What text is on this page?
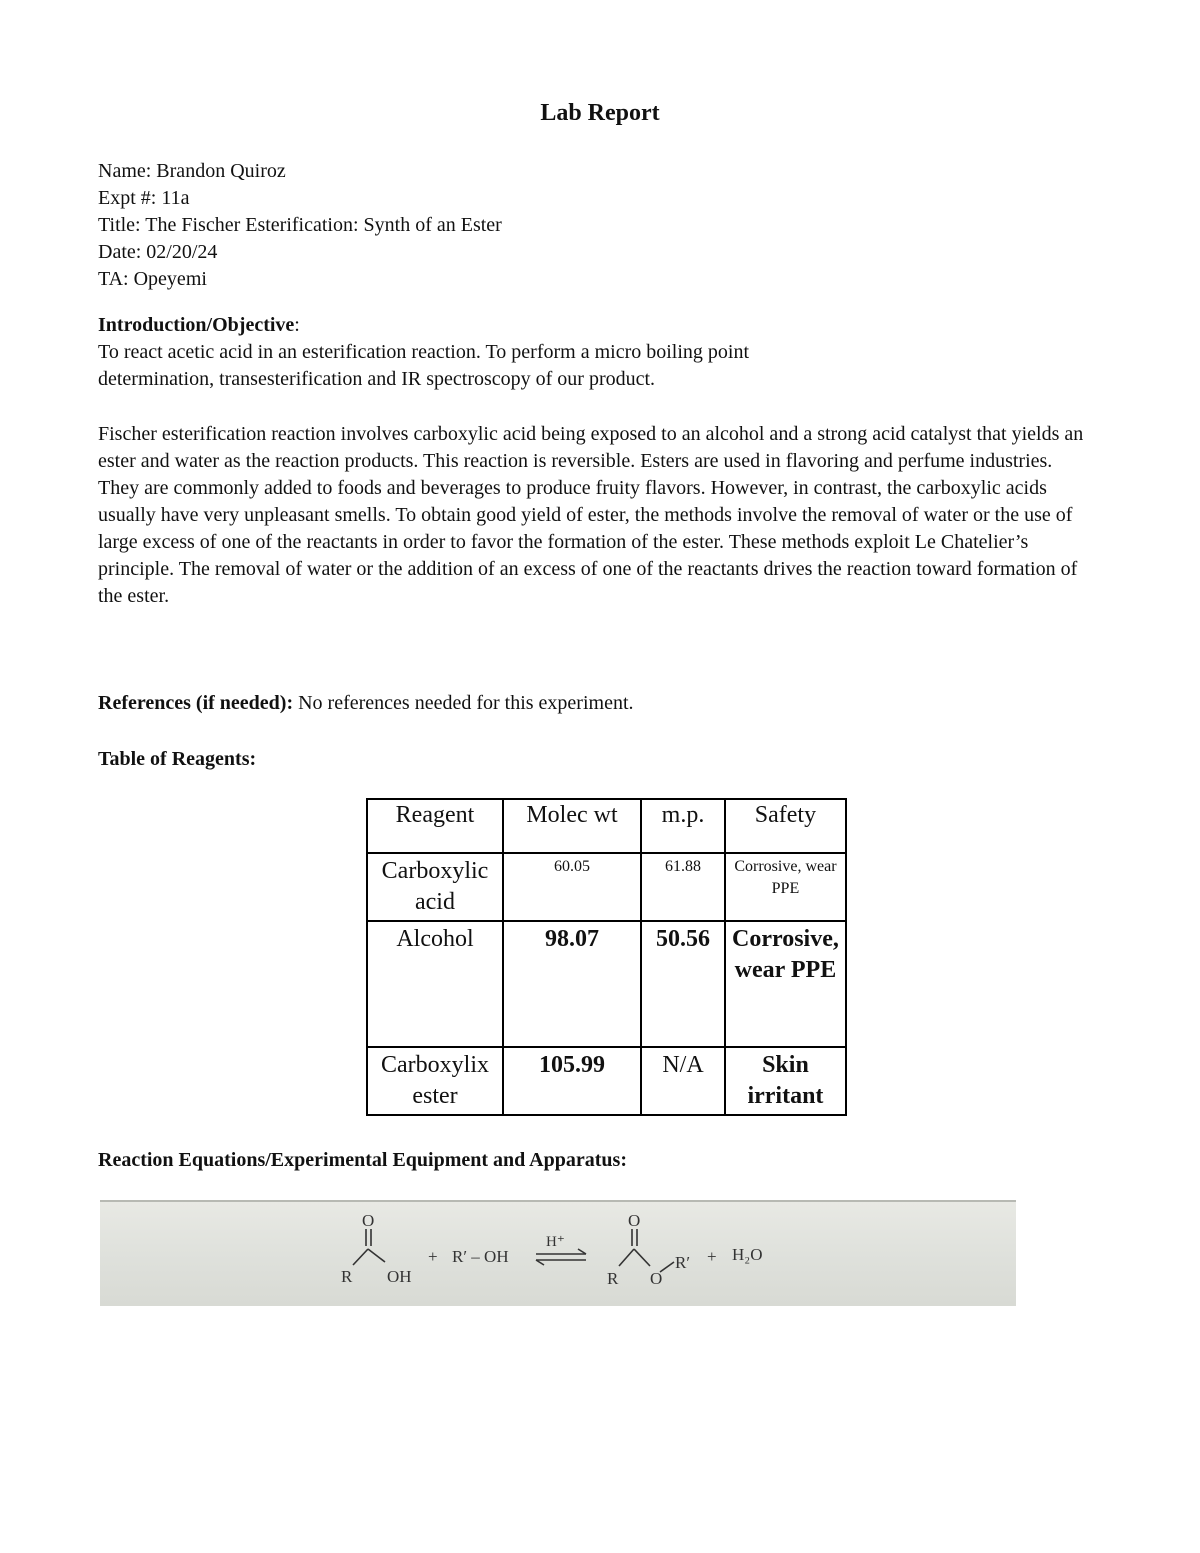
Lab Report
Name: Brandon Quiroz
Expt #: 11a
Title: The Fischer Esterification: Synth of an Ester
Date: 02/20/24
TA: Opeyemi
Introduction/Objective:
To react acetic acid in an esterification reaction. To perform a micro boiling point
determination, transesterification and IR spectroscopy of our product.
Fischer esterification reaction involves carboxylic acid being exposed to an alcohol and a strong acid catalyst that yields an ester and water as the reaction products. This reaction is reversible. Esters are used in flavoring and perfume industries. They are commonly added to foods and beverages to produce fruity flavors. However, in contrast, the carboxylic acids usually have very unpleasant smells. To obtain good yield of ester, the methods involve the removal of water or the use of large excess of one of the reactants in order to favor the formation of the ester. These methods exploit Le Chatelier’s principle. The removal of water or the addition of an excess of one of the reactants drives the reaction toward formation of the ester.
References (if needed): No references needed for this experiment.
Table of Reagents:
Reagent	Molec wt	m.p.	Safety
Carboxylic acid	60.05	61.88	Corrosive, wear PPE
Alcohol	98.07	50.56	Corrosive, wear PPE
Carboxylix ester	105.99	N/A	Skin irritant
Reaction Equations/Experimental Equipment and Apparatus:
O
R OH
+ R′ – OH
H⁺
O
R O
R′ + H₂O
